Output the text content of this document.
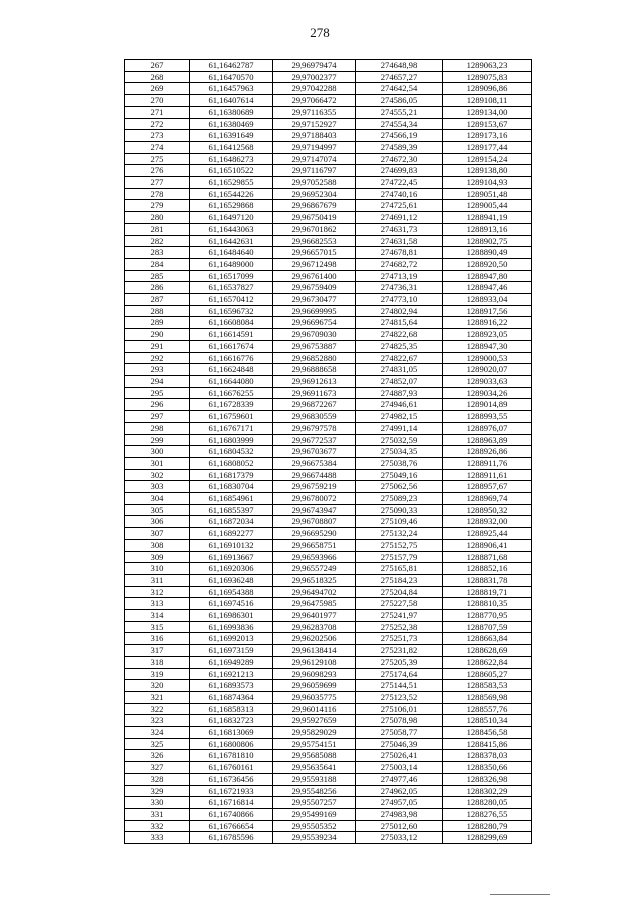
278
267	61,16462787	29,96979474	274648,98	1289063,23
268	61,16470570	29,97002377	274657,27	1289075,83
269	61,16457963	29,97042288	274642,54	1289096,86
270	61,16407614	29,97066472	274586,05	1289108,11
271	61,16380689	29,97116355	274555,21	1289134,00
272	61,16380469	29,97152927	274554,34	1289153,67
273	61,16391649	29,97188403	274566,19	1289173,16
274	61,16412568	29,97194997	274589,39	1289177,44
275	61,16486273	29,97147074	274672,30	1289154,24
276	61,16510522	29,97116797	274699,83	1289138,80
277	61,16529855	29,97052588	274722,45	1289104,93
278	61,16544226	29,96952304	274740,16	1289051,48
279	61,16529868	29,96867679	274725,61	1289005,44
280	61,16497120	29,96750419	274691,12	1288941,19
281	61,16443063	29,96701862	274631,73	1288913,16
282	61,16442631	29,96682553	274631,58	1288902,75
283	61,16484640	29,96657015	274678,81	1288890,49
284	61,16489000	29,96712498	274682,72	1288920,50
285	61,16517099	29,96761400	274713,19	1288947,80
286	61,16537827	29,96759409	274736,31	1288947,46
287	61,16570412	29,96730477	274773,10	1288933,04
288	61,16596732	29,96699995	274802,94	1288917,56
289	61,16608084	29,96696754	274815,64	1288916,22
290	61,16614591	29,96709030	274822,68	1288923,05
291	61,16617674	29,96753887	274825,35	1288947,30
292	61,16616776	29,96852880	274822,67	1289000,53
293	61,16624848	29,96888658	274831,05	1289020,07
294	61,16644080	29,96912613	274852,07	1289033,63
295	61,16676255	29,96911673	274887,93	1289034,26
296	61,16728339	29,96872267	274946,61	1289014,89
297	61,16759601	29,96830559	274982,15	1288993,55
298	61,16767171	29,96797578	274991,14	1288976,07
299	61,16803999	29,96772537	275032,59	1288963,89
300	61,16804532	29,96703677	275034,35	1288926,86
301	61,16808052	29,96675384	275038,76	1288911,76
302	61,16817379	29,96674488	275049,16	1288911,61
303	61,16830704	29,96759219	275062,56	1288957,67
304	61,16854961	29,96780072	275089,23	1288969,74
305	61,16855397	29,96743947	275090,33	1288950,32
306	61,16872034	29,96708807	275109,46	1288932,00
307	61,16892277	29,96695290	275132,24	1288925,44
308	61,16910132	29,96658751	275152,75	1288906,41
309	61,16913667	29,96593966	275157,79	1288871,68
310	61,16920306	29,96557249	275165,81	1288852,16
311	61,16936248	29,96518325	275184,23	1288831,78
312	61,16954388	29,96494702	275204,84	1288819,71
313	61,16974516	29,96475985	275227,58	1288810,35
314	61,16986301	29,96401977	275241,97	1288770,95
315	61,16993836	29,96283708	275252,38	1288707,59
316	61,16992013	29,96202506	275251,73	1288663,84
317	61,16973159	29,96138414	275231,82	1288628,69
318	61,16949289	29,96129108	275205,39	1288622,84
319	61,16921213	29,96098293	275174,64	1288605,27
320	61,16893573	29,96059699	275144,51	1288583,53
321	61,16874364	29,96035775	275123,52	1288569,98
322	61,16858313	29,96014116	275106,01	1288557,76
323	61,16832723	29,95927659	275078,98	1288510,34
324	61,16813069	29,95829029	275058,77	1288456,58
325	61,16800806	29,95754151	275046,39	1288415,86
326	61,16781810	29,95685088	275026,41	1288378,03
327	61,16760161	29,95635641	275003,14	1288350,66
328	61,16736456	29,95593188	274977,46	1288326,98
329	61,16721933	29,95548256	274962,05	1288302,29
330	61,16716814	29,95507257	274957,05	1288280,05
331	61,16740866	29,95499169	274983,98	1288276,55
332	61,16766654	29,95505352	275012,60	1288280,79
333	61,16785596	29,95539234	275033,12	1288299,69
